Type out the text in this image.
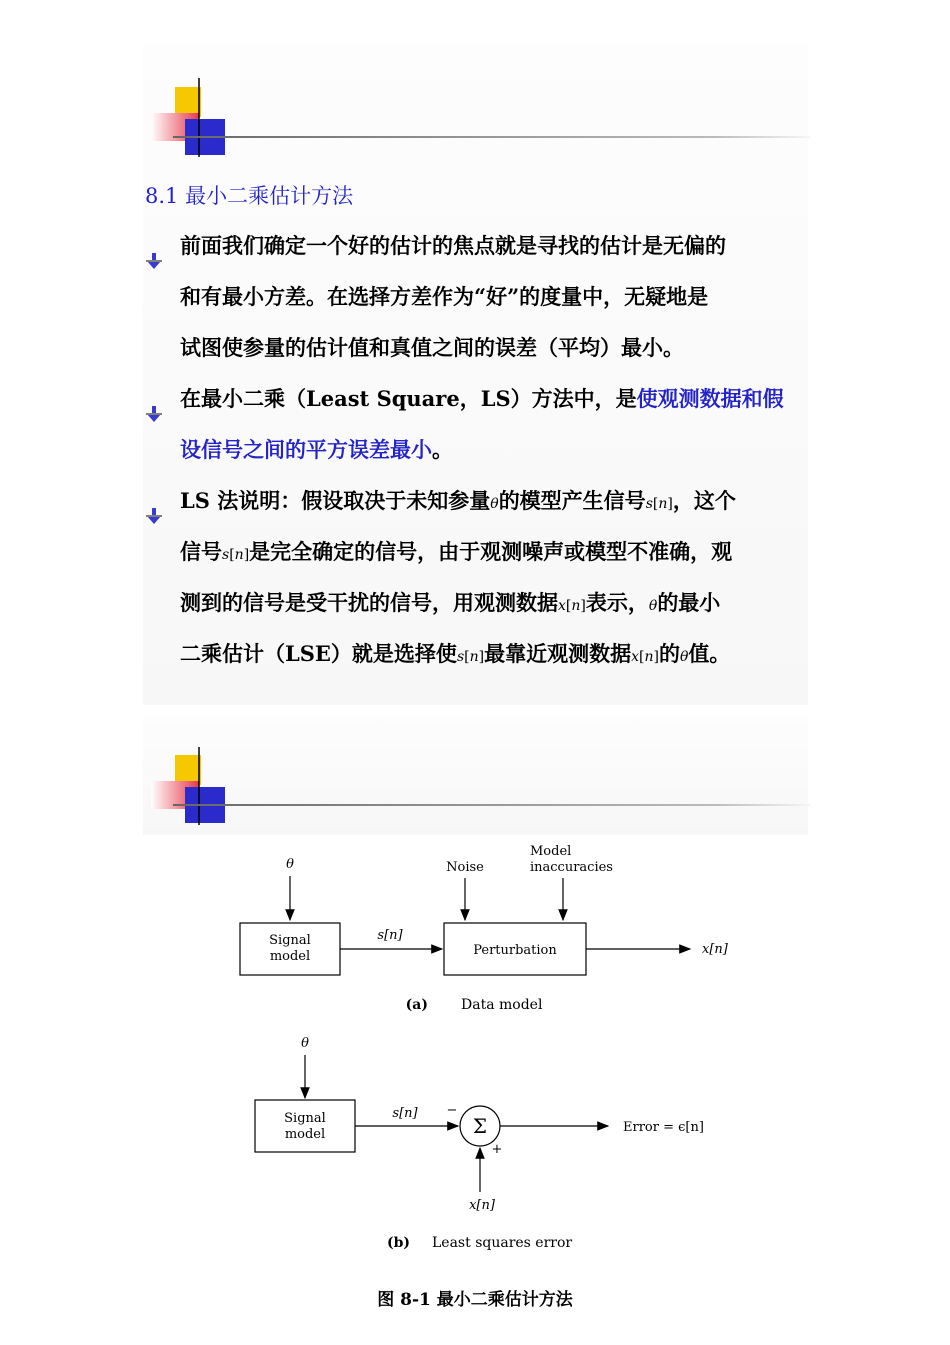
8.1 最小二乘估计方法
前面我们确定一个好的估计的焦点就是寻找的估计是无偏的
和有最小方差。在选择方差作为“好”的度量中，无疑地是
试图使参量的估计值和真值之间的误差（平均）最小。
在最小二乘（Least Square，LS）方法中，是使观测数据和假
设信号之间的平方误差最小。
LS 法说明：假设取决于未知参量θ的模型产生信号s[n]，这个
信号s[n]是完全确定的信号，由于观测噪声或模型不准确，观
测到的信号是受干扰的信号，用观测数据x[n]表示，θ的最小
二乘估计（LSE）就是选择使s[n]最靠近观测数据x[n]的θ值。
θ	Noise
Model
inaccuracies
Signal
model
s[n]
Perturbation	x[n]
(a) Data model
θ
Signal
model
s[n] −
Σ
+
x[n]
Error = ϵ[n]
(b) Least squares error
图 8-1 最小二乘估计方法
